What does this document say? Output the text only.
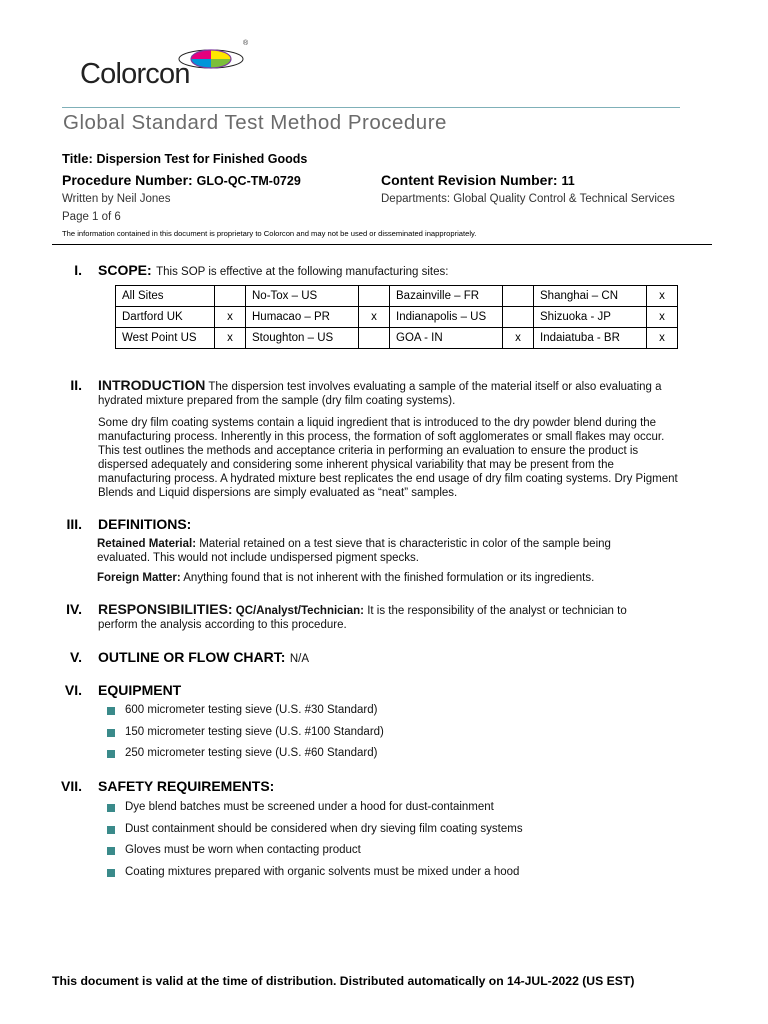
Colorcon
®
Global Standard Test Method Procedure
Title: Dispersion Test for Finished Goods
Procedure Number: GLO-QC-TM-0729	Content Revision Number: 11
Written by Neil Jones	Departments: Global Quality Control & Technical Services
Page 1 of 6
The information contained in this document is proprietary to Colorcon and may not be used or disseminated inappropriately.
I. SCOPE: This SOP is effective at the following manufacturing sites:
All Sites		No-Tox – US		Bazainville – FR		Shanghai – CN	x
Dartford UK	x	Humacao – PR	x	Indianapolis – US		Shizuoka - JP	x
West Point US	x	Stoughton – US		GOA - IN	x	Indaiatuba - BR	x
II. INTRODUCTION The dispersion test involves evaluating a sample of the material itself or also evaluating a hydrated mixture prepared from the sample (dry film coating systems).
Some dry film coating systems contain a liquid ingredient that is introduced to the dry powder blend during the manufacturing process. Inherently in this process, the formation of soft agglomerates or small flakes may occur. This test outlines the methods and acceptance criteria in performing an evaluation to ensure the product is dispersed adequately and considering some inherent physical variability that may be present from the manufacturing process. A hydrated mixture best replicates the end usage of dry film coating systems. Dry Pigment Blends and Liquid dispersions are simply evaluated as “neat” samples.
III. DEFINITIONS:
Retained Material: Material retained on a test sieve that is characteristic in color of the sample being evaluated. This would not include undispersed pigment specks.
Foreign Matter: Anything found that is not inherent with the finished formulation or its ingredients.
IV. RESPONSIBILITIES: QC/Analyst/Technician: It is the responsibility of the analyst or technician to perform the analysis according to this procedure.
V. OUTLINE OR FLOW CHART: N/A
VI. EQUIPMENT
600 micrometer testing sieve (U.S. #30 Standard)
150 micrometer testing sieve (U.S. #100 Standard)
250 micrometer testing sieve (U.S. #60 Standard)
VII. SAFETY REQUIREMENTS:
Dye blend batches must be screened under a hood for dust-containment
Dust containment should be considered when dry sieving film coating systems
Gloves must be worn when contacting product
Coating mixtures prepared with organic solvents must be mixed under a hood
This document is valid at the time of distribution. Distributed automatically on 14-JUL-2022 (US EST)
